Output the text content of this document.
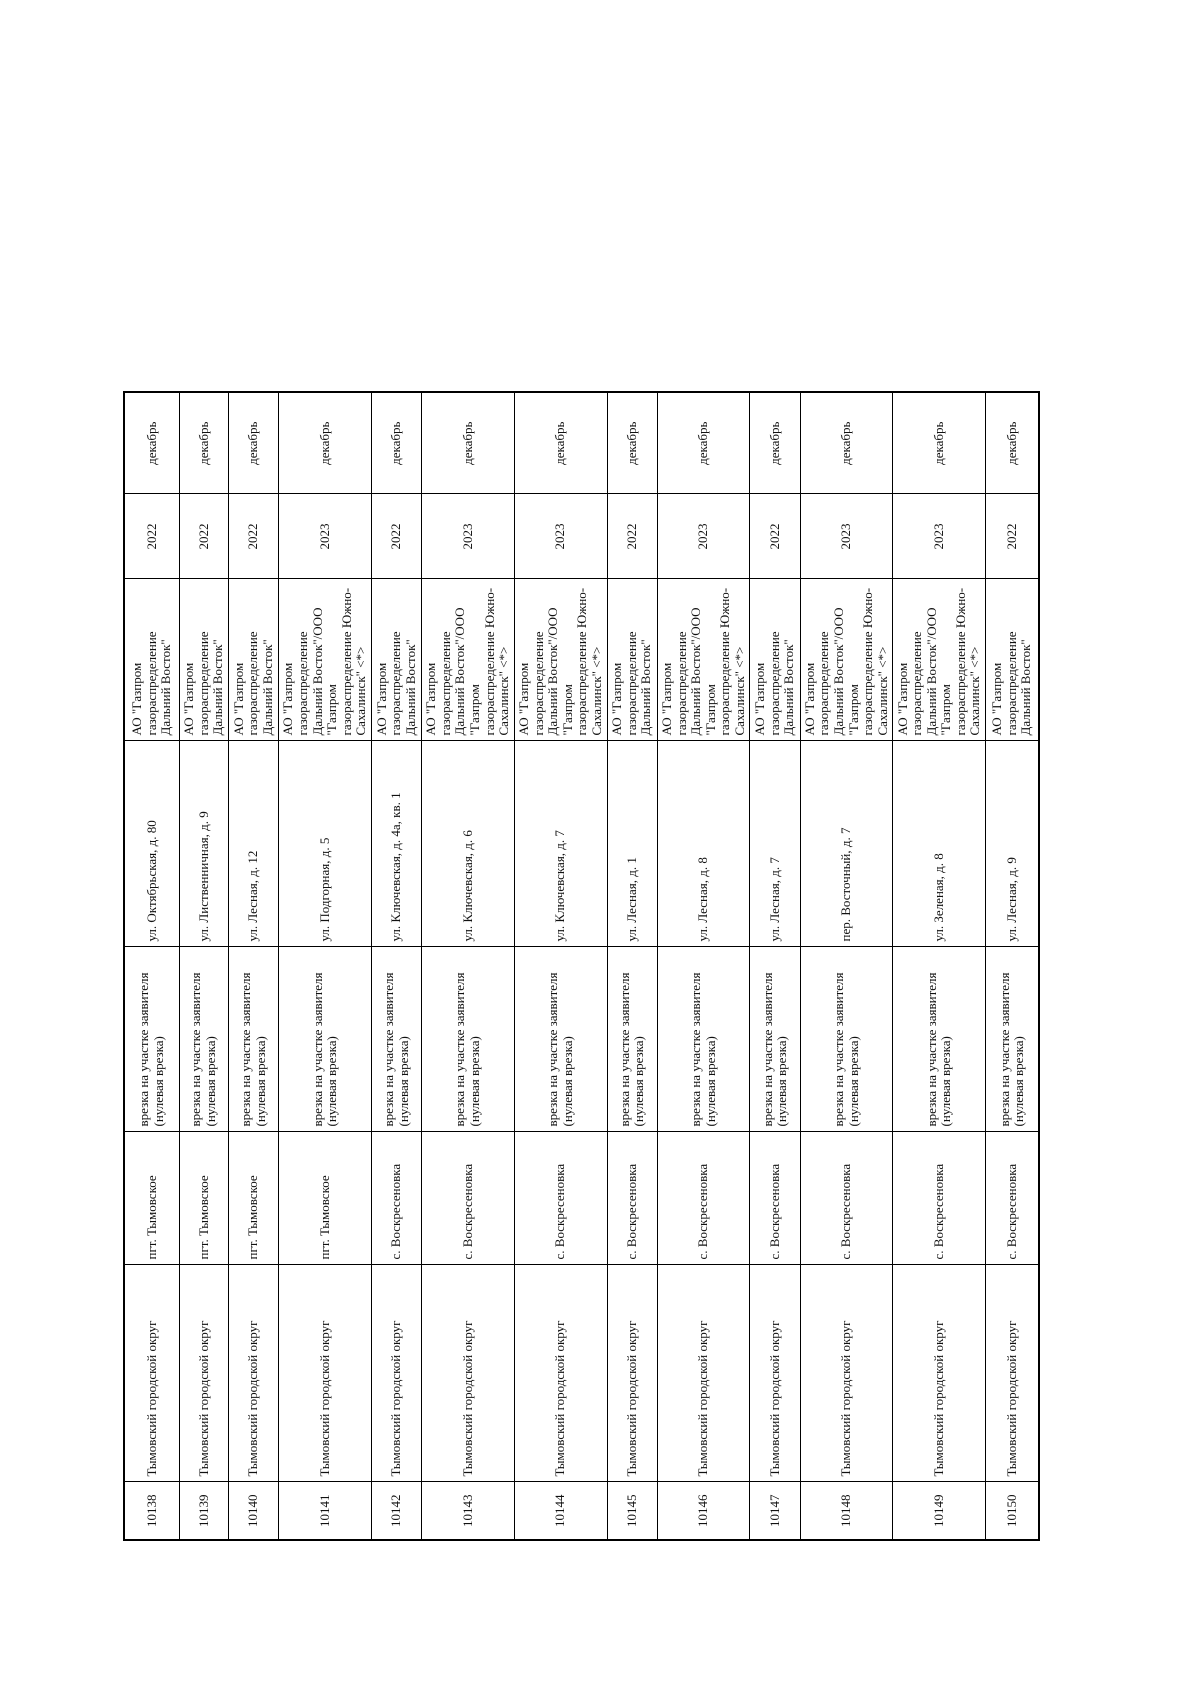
10138	Тымовский городской округ	пгт. Тымовское	врезка на участке заявителя (нулевая врезка)	ул. Октябрьская, д. 80	АО "Газпром газораспределение Дальний Восток"	2022	декабрь
10139	Тымовский городской округ	пгт. Тымовское	врезка на участке заявителя (нулевая врезка)	ул. Лиственничная, д. 9	АО "Газпром газораспределение Дальний Восток"	2022	декабрь
10140	Тымовский городской округ	пгт. Тымовское	врезка на участке заявителя (нулевая врезка)	ул. Лесная, д. 12	АО "Газпром газораспределение Дальний Восток"	2022	декабрь
10141	Тымовский городской округ	пгт. Тымовское	врезка на участке заявителя (нулевая врезка)	ул. Подгорная, д. 5	АО "Газпром газораспределение Дальний Восток"/ООО "Газпром газораспределение Южно-Сахалинск" <*>	2023	декабрь
10142	Тымовский городской округ	с. Воскресеновка	врезка на участке заявителя (нулевая врезка)	ул. Ключевская, д. 4а, кв. 1	АО "Газпром газораспределение Дальний Восток"	2022	декабрь
10143	Тымовский городской округ	с. Воскресеновка	врезка на участке заявителя (нулевая врезка)	ул. Ключевская, д. 6	АО "Газпром газораспределение Дальний Восток"/ООО "Газпром газораспределение Южно-Сахалинск" <*>	2023	декабрь
10144	Тымовский городской округ	с. Воскресеновка	врезка на участке заявителя (нулевая врезка)	ул. Ключевская, д. 7	АО "Газпром газораспределение Дальний Восток"/ООО "Газпром газораспределение Южно-Сахалинск" <*>	2023	декабрь
10145	Тымовский городской округ	с. Воскресеновка	врезка на участке заявителя (нулевая врезка)	ул. Лесная, д. 1	АО "Газпром газораспределение Дальний Восток"	2022	декабрь
10146	Тымовский городской округ	с. Воскресеновка	врезка на участке заявителя (нулевая врезка)	ул. Лесная, д. 8	АО "Газпром газораспределение Дальний Восток"/ООО "Газпром газораспределение Южно-Сахалинск" <*>	2023	декабрь
10147	Тымовский городской округ	с. Воскресеновка	врезка на участке заявителя (нулевая врезка)	ул. Лесная, д. 7	АО "Газпром газораспределение Дальний Восток"	2022	декабрь
10148	Тымовский городской округ	с. Воскресеновка	врезка на участке заявителя (нулевая врезка)	пер. Восточный, д. 7	АО "Газпром газораспределение Дальний Восток"/ООО "Газпром газораспределение Южно-Сахалинск" <*>	2023	декабрь
10149	Тымовский городской округ	с. Воскресеновка	врезка на участке заявителя (нулевая врезка)	ул. Зеленая, д. 8	АО "Газпром газораспределение Дальний Восток"/ООО "Газпром газораспределение Южно-Сахалинск" <*>	2023	декабрь
10150	Тымовский городской округ	с. Воскресеновка	врезка на участке заявителя (нулевая врезка)	ул. Лесная, д. 9	АО "Газпром газораспределение Дальний Восток"	2022	декабрь
